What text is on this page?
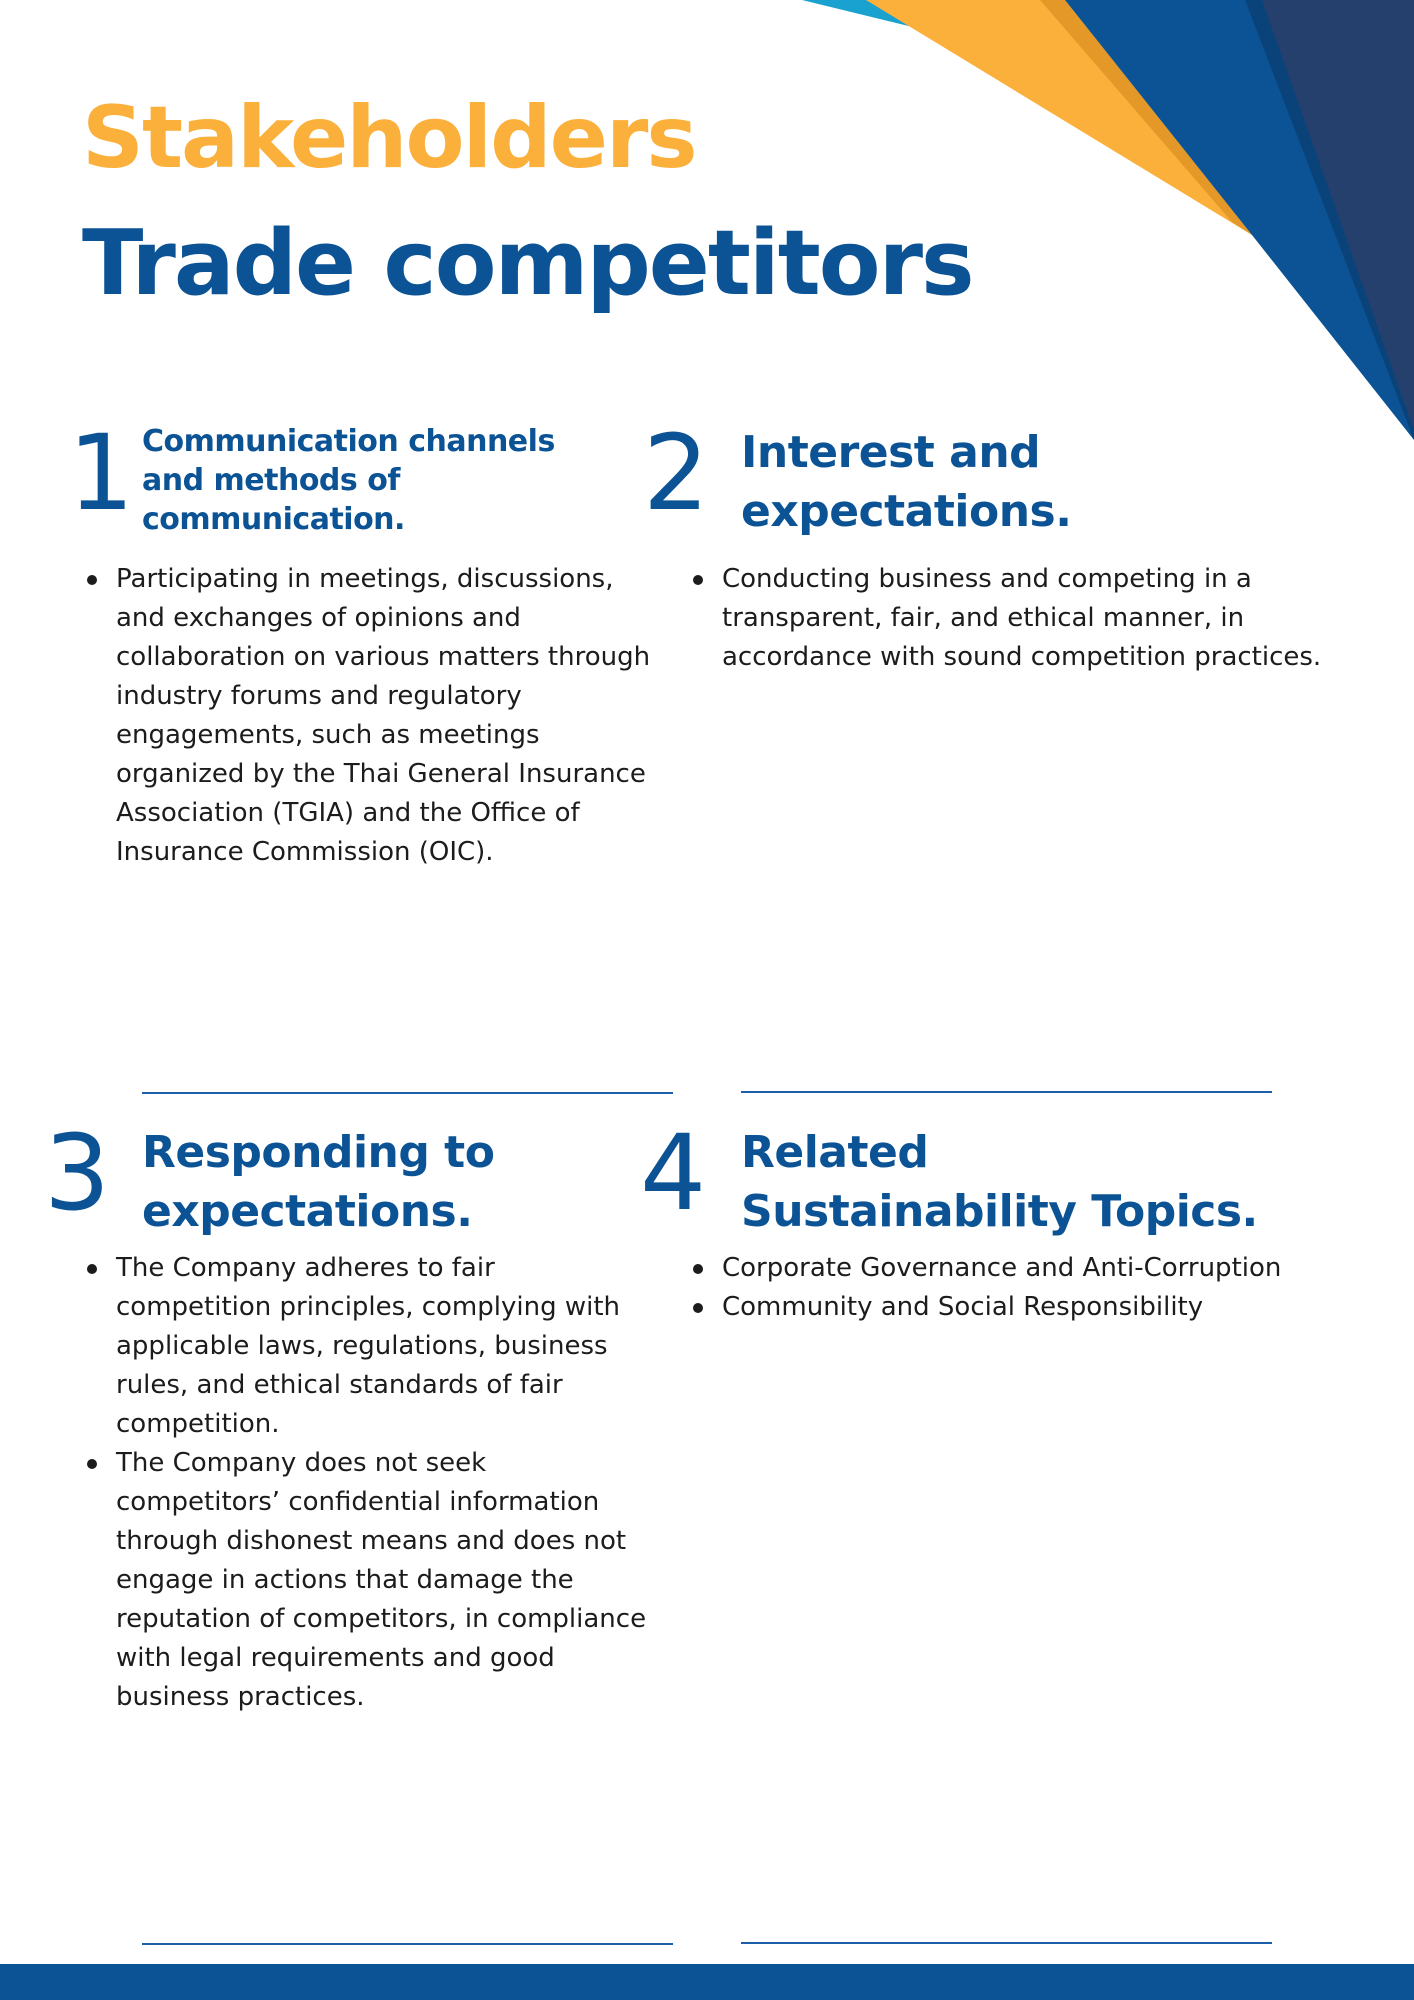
Stakeholders
Trade competitors
1 Communication channels
and methods of
communication.
Participating in meetings, discussions, and exchanges of opinions and collaboration on various matters through industry forums and regulatory engagements, such as meetings organized by the Thai General Insurance Association (TGIA) and the Office of Insurance Commission (OIC).
2 Interest and
expectations.
Conducting business and competing in a transparent, fair, and ethical manner, in accordance with sound competition practices.
3 Responding to
expectations.
The Company adheres to fair competition principles, complying with applicable laws, regulations, business rules, and ethical standards of fair competition.
The Company does not seek competitors’ confidential information through dishonest means and does not engage in actions that damage the reputation of competitors, in compliance with legal requirements and good business practices.
4 Related
Sustainability Topics.
Corporate Governance and Anti-Corruption
Community and Social Responsibility
